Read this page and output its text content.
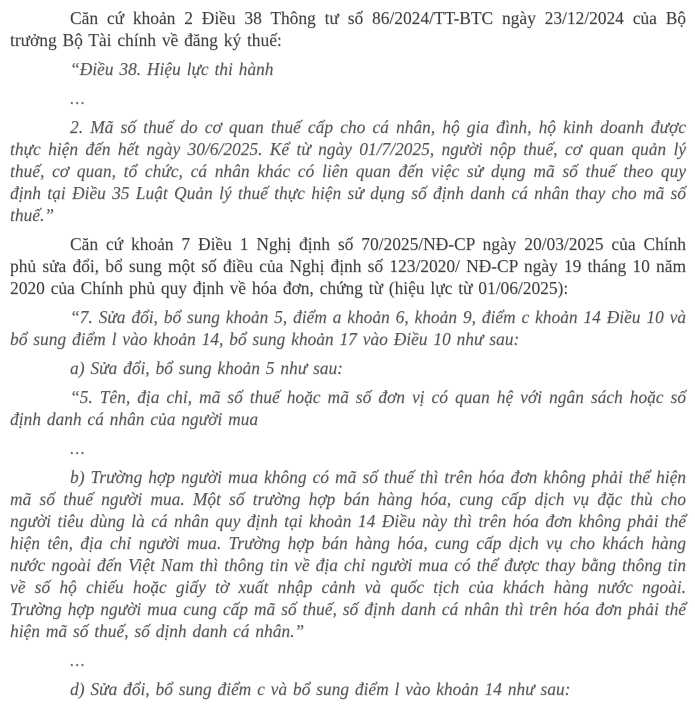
Căn cứ khoản 2 Điều 38 Thông tư số 86/2024/TT-BTC ngày 23/12/2024 của Bộ trưởng Bộ Tài chính về đăng ký thuế:

“Điều 38. Hiệu lực thi hành

...

2. Mã số thuế do cơ quan thuế cấp cho cá nhân, hộ gia đình, hộ kinh doanh được thực hiện đến hết ngày 30/6/2025. Kể từ ngày 01/7/2025, người nộp thuế, cơ quan quản lý thuế, cơ quan, tổ chức, cá nhân khác có liên quan đến việc sử dụng mã số thuế theo quy định tại Điều 35 Luật Quản lý thuế thực hiện sử dụng số định danh cá nhân thay cho mã số thuế.”

Căn cứ khoản 7 Điều 1 Nghị định số 70/2025/NĐ-CP ngày 20/03/2025 của Chính phủ sửa đổi, bổ sung một số điều của Nghị định số 123/2020/ NĐ-CP ngày 19 tháng 10 năm 2020 của Chính phủ quy định về hóa đơn, chứng từ (hiệu lực từ 01/06/2025):

“7. Sửa đổi, bổ sung khoản 5, điểm a khoản 6, khoản 9, điểm c khoản 14 Điều 10 và bổ sung điểm l vào khoản 14, bổ sung khoản 17 vào Điều 10 như sau:

a) Sửa đổi, bổ sung khoản 5 như sau:

“5. Tên, địa chỉ, mã số thuế hoặc mã số đơn vị có quan hệ với ngân sách hoặc số định danh cá nhân của người mua

...

b) Trường hợp người mua không có mã số thuế thì trên hóa đơn không phải thể hiện mã số thuế người mua. Một số trường hợp bán hàng hóa, cung cấp dịch vụ đặc thù cho người tiêu dùng là cá nhân quy định tại khoản 14 Điều này thì trên hóa đơn không phải thể hiện tên, địa chỉ người mua. Trường hợp bán hàng hóa, cung cấp dịch vụ cho khách hàng nước ngoài đến Việt Nam thì thông tin về địa chỉ người mua có thể được thay bằng thông tin về số hộ chiếu hoặc giấy tờ xuất nhập cảnh và quốc tịch của khách hàng nước ngoài. Trường hợp người mua cung cấp mã số thuế, số định danh cá nhân thì trên hóa đơn phải thể hiện mã số thuế, số dịnh danh cá nhân.”

...

d) Sửa đổi, bổ sung điểm c và bổ sung điểm l vào khoản 14 như sau:
